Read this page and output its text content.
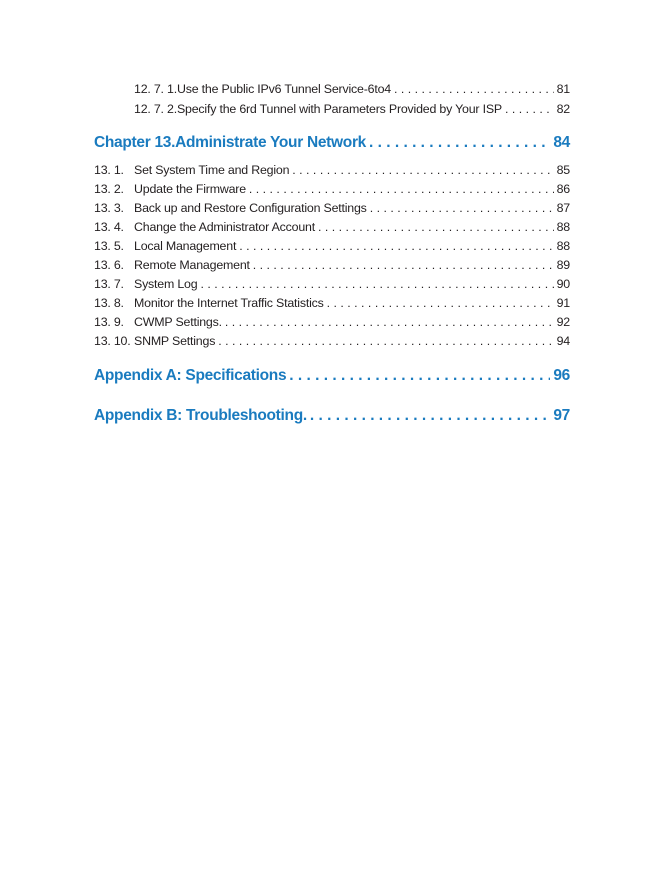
12. 7. 1.Use the Public IPv6 Tunnel Service-6to4 . . .	81
12. 7. 2.Specify the 6rd Tunnel with Parameters Provided by Your ISP . . .	82
Chapter 13.Administrate Your Network . . .	84
13. 1. Set System Time and Region . . .	85
13. 2. Update the Firmware . . .	86
13. 3. Back up and Restore Configuration Settings . . .	87
13. 4. Change the Administrator Account . . .	88
13. 5. Local Management . . .	88
13. 6. Remote Management . . .	89
13. 7. System Log . . .	90
13. 8. Monitor the Internet Traffic Statistics . . .	91
13. 9. CWMP Settings. . . .	92
13. 10. SNMP Settings . . .	94
Appendix A: Specifications . . .	96
Appendix B: Troubleshooting. . . .	97
